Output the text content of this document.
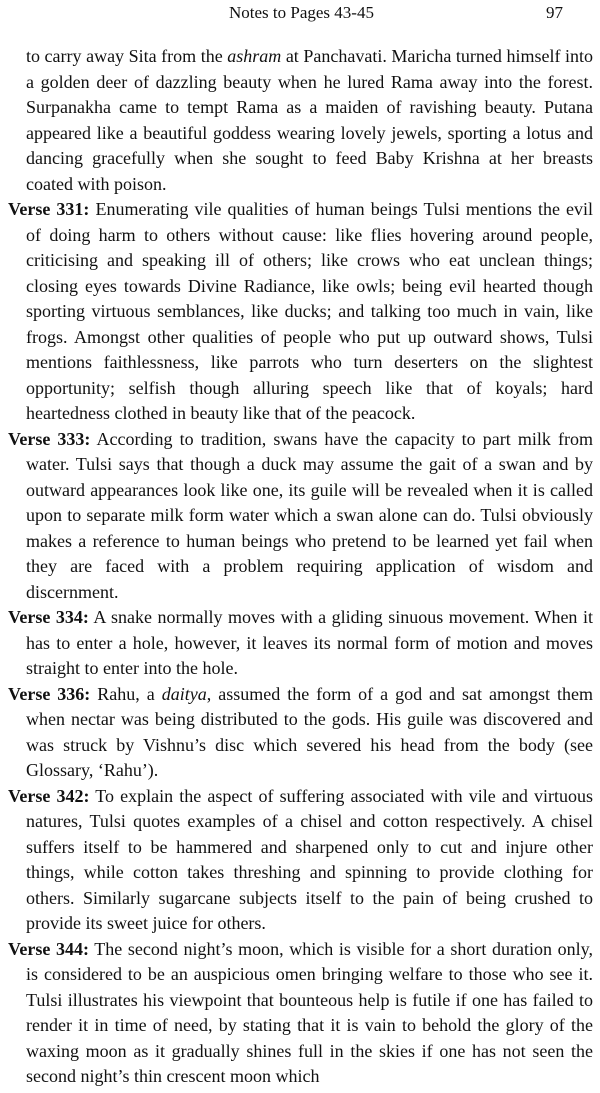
Notes to Pages 43-45	97

to carry away Sita from the ashram at Panchavati. Maricha turned himself into a golden deer of dazzling beauty when he lured Rama away into the forest. Surpanakha came to tempt Rama as a maiden of ravishing beauty. Putana appeared like a beautiful goddess wearing lovely jewels, sporting a lotus and dancing gracefully when she sought to feed Baby Krishna at her breasts coated with poison.

Verse 331: Enumerating vile qualities of human beings Tulsi mentions the evil of doing harm to others without cause: like flies hovering around people, criticising and speaking ill of others; like crows who eat unclean things; closing eyes towards Divine Radiance, like owls; being evil hearted though sporting virtuous semblances, like ducks; and talking too much in vain, like frogs. Amongst other qualities of people who put up outward shows, Tulsi mentions faithlessness, like parrots who turn deserters on the slightest opportunity; selfish though alluring speech like that of koyals; hard heartedness clothed in beauty like that of the peacock.

Verse 333: According to tradition, swans have the capacity to part milk from water. Tulsi says that though a duck may assume the gait of a swan and by outward appearances look like one, its guile will be revealed when it is called upon to separate milk form water which a swan alone can do. Tulsi obviously makes a reference to human beings who pretend to be learned yet fail when they are faced with a problem requiring application of wisdom and discernment.

Verse 334: A snake normally moves with a gliding sinuous movement. When it has to enter a hole, however, it leaves its normal form of motion and moves straight to enter into the hole.

Verse 336: Rahu, a daitya, assumed the form of a god and sat amongst them when nectar was being distributed to the gods. His guile was discovered and was struck by Vishnu’s disc which severed his head from the body (see Glossary, ‘Rahu’).

Verse 342: To explain the aspect of suffering associated with vile and virtuous natures, Tulsi quotes examples of a chisel and cotton respectively. A chisel suffers itself to be hammered and sharpened only to cut and injure other things, while cotton takes threshing and spinning to provide clothing for others. Similarly sugarcane subjects itself to the pain of being crushed to provide its sweet juice for others.

Verse 344: The second night’s moon, which is visible for a short duration only, is considered to be an auspicious omen bringing welfare to those who see it. Tulsi illustrates his viewpoint that bounteous help is futile if one has failed to render it in time of need, by stating that it is vain to behold the glory of the waxing moon as it gradually shines full in the skies if one has not seen the second night’s thin crescent moon which
